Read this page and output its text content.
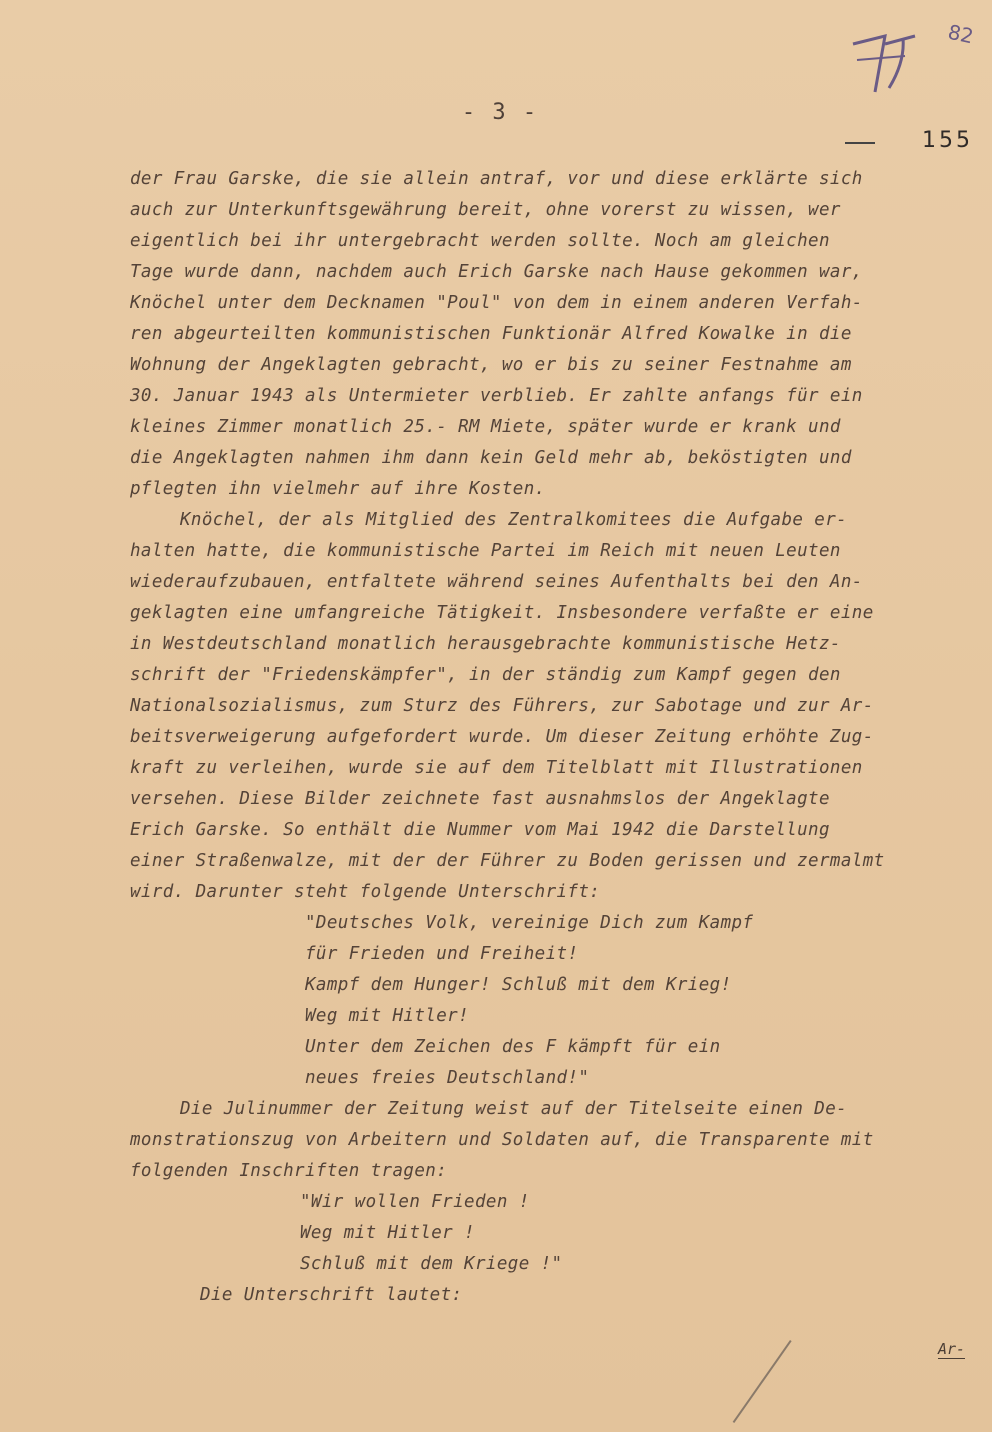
82
- 3 -
155
der Frau Garske, die sie allein antraf, vor und diese erklärte sich
auch zur Unterkunftsgewährung bereit, ohne vorerst zu wissen, wer
eigentlich bei ihr untergebracht werden sollte. Noch am gleichen
Tage wurde dann, nachdem auch Erich Garske nach Hause gekommen war,
Knöchel unter dem Decknamen "Poul" von dem in einem anderen Verfah-
ren abgeurteilten kommunistischen Funktionär Alfred Kowalke in die
Wohnung der Angeklagten gebracht, wo er bis zu seiner Festnahme am
30. Januar 1943 als Untermieter verblieb. Er zahlte anfangs für ein
kleines Zimmer monatlich 25.- RM Miete, später wurde er krank und
die Angeklagten nahmen ihm dann kein Geld mehr ab, beköstigten und
pflegten ihn vielmehr auf ihre Kosten.
Knöchel, der als Mitglied des Zentralkomitees die Aufgabe er-
halten hatte, die kommunistische Partei im Reich mit neuen Leuten
wiederaufzubauen, entfaltete während seines Aufenthalts bei den An-
geklagten eine umfangreiche Tätigkeit. Insbesondere verfaßte er eine
in Westdeutschland monatlich herausgebrachte kommunistische Hetz-
schrift der "Friedenskämpfer", in der ständig zum Kampf gegen den
Nationalsozialismus, zum Sturz des Führers, zur Sabotage und zur Ar-
beitsverweigerung aufgefordert wurde. Um dieser Zeitung erhöhte Zug-
kraft zu verleihen, wurde sie auf dem Titelblatt mit Illustrationen
versehen. Diese Bilder zeichnete fast ausnahmslos der Angeklagte
Erich Garske. So enthält die Nummer vom Mai 1942 die Darstellung
einer Straßenwalze, mit der der Führer zu Boden gerissen und zermalmt
wird. Darunter steht folgende Unterschrift:
"Deutsches Volk, vereinige Dich zum Kampf
für Frieden und Freiheit!
Kampf dem Hunger! Schluß mit dem Krieg!
Weg mit Hitler!
Unter dem Zeichen des F kämpft für ein
neues freies Deutschland!"
Die Julinummer der Zeitung weist auf der Titelseite einen De-
monstrationszug von Arbeitern und Soldaten auf, die Transparente mit
folgenden Inschriften tragen:
"Wir wollen Frieden !
Weg mit Hitler !
Schluß mit dem Kriege !"
Die Unterschrift lautet:
Ar-
